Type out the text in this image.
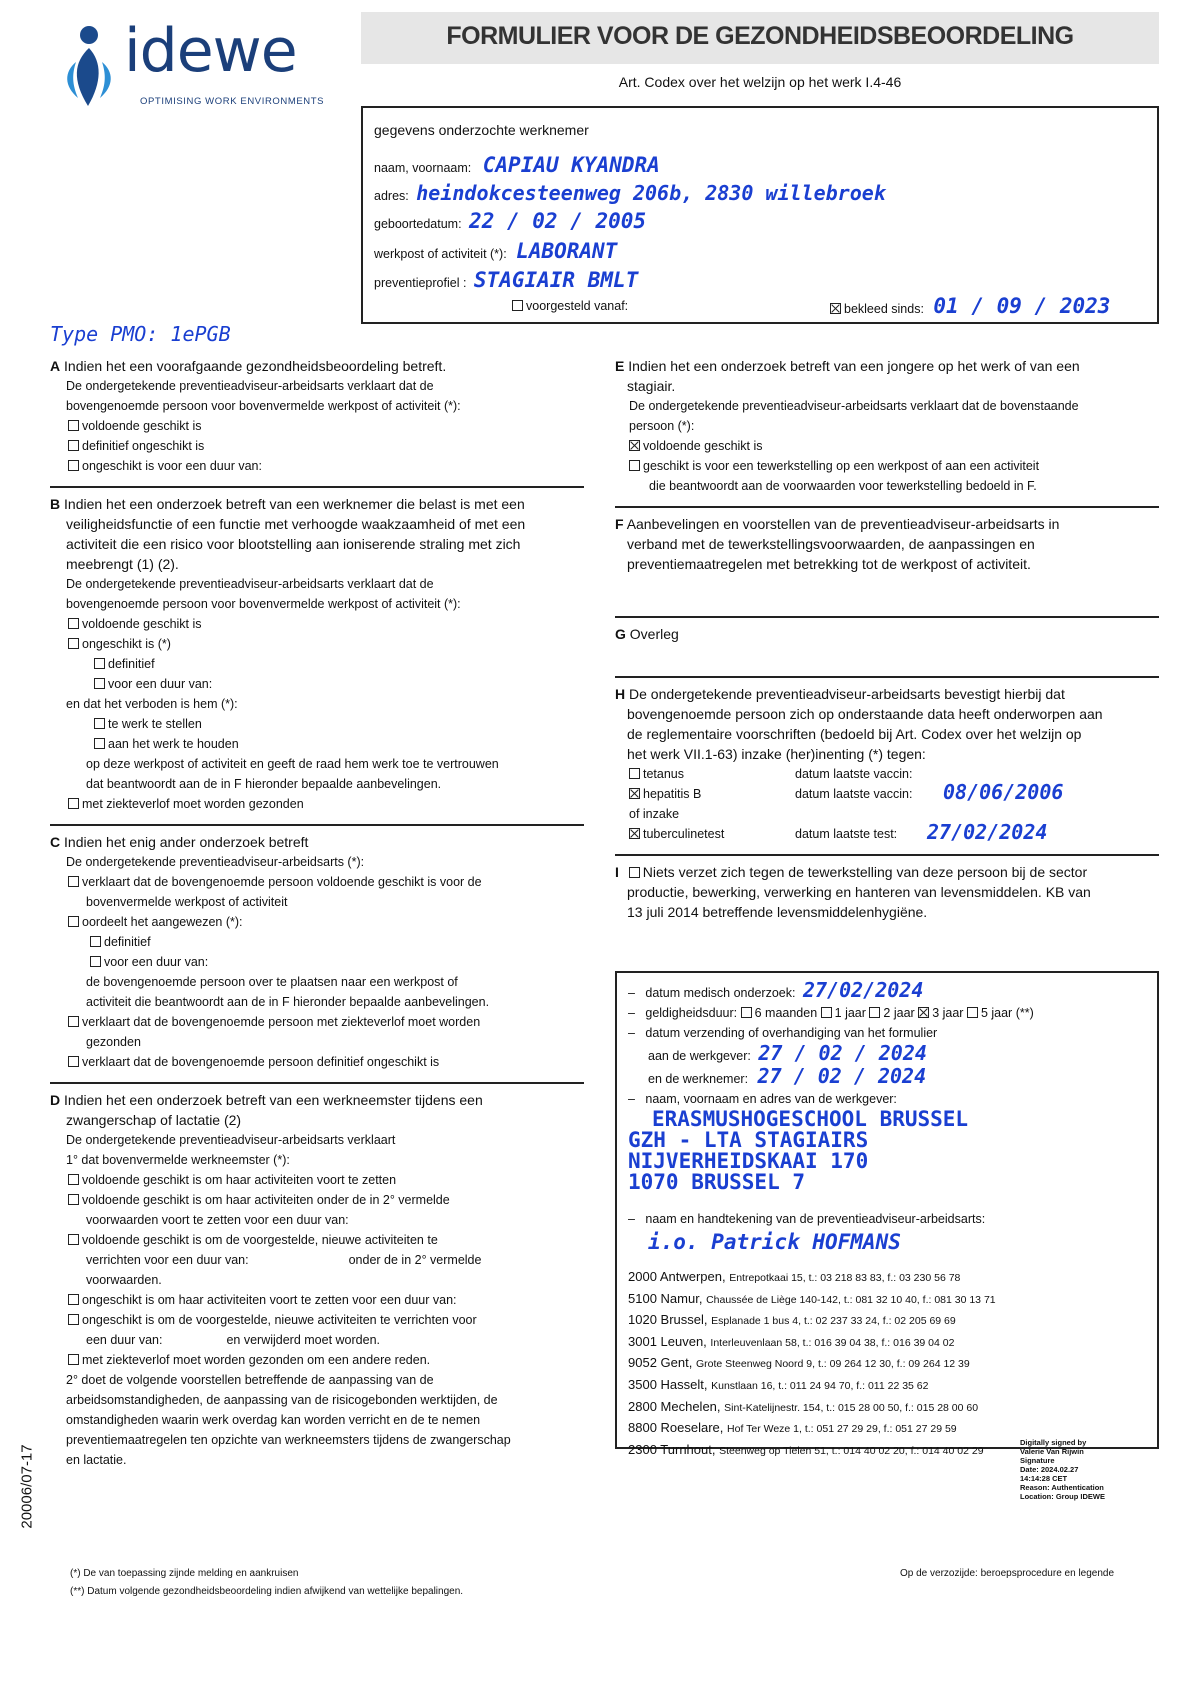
idewe
OPTIMISING WORK ENVIRONMENTS
FORMULIER VOOR DE GEZONDHEIDSBEOORDELING
Art. Codex over het welzijn op het werk I.4-46
gegevens onderzochte werknemer
naam, voornaam: CAPIAU KYANDRA
adres: heindokcesteenweg 206b, 2830 willebroek
geboortedatum: 22 / 02 / 2005
werkpost of activiteit (*): LABORANT
preventieprofiel : STAGIAIR BMLT
voorgesteld vanaf:	bekleed sinds: 01 / 09 / 2023
Type PMO: 1ePGB
A Indien het een voorafgaande gezondheidsbeoordeling betreft.
De ondergetekende preventieadviseur-arbeidsarts verklaart dat de
bovengenoemde persoon voor bovenvermelde werkpost of activiteit (*):
voldoende geschikt is
definitief ongeschikt is
ongeschikt is voor een duur van:
B Indien het een onderzoek betreft van een werknemer die belast is met een
veiligheidsfunctie of een functie met verhoogde waakzaamheid of met een
activiteit die een risico voor blootstelling aan ioniserende straling met zich
meebrengt (1) (2).
De ondergetekende preventieadviseur-arbeidsarts verklaart dat de
bovengenoemde persoon voor bovenvermelde werkpost of activiteit (*):
voldoende geschikt is
ongeschikt is (*)
definitief
voor een duur van:
en dat het verboden is hem (*):
te werk te stellen
aan het werk te houden
op deze werkpost of activiteit en geeft de raad hem werk toe te vertrouwen
dat beantwoordt aan de in F hieronder bepaalde aanbevelingen.
met ziekteverlof moet worden gezonden
C Indien het enig ander onderzoek betreft
De ondergetekende preventieadviseur-arbeidsarts (*):
verklaart dat de bovengenoemde persoon voldoende geschikt is voor de
bovenvermelde werkpost of activiteit
oordeelt het aangewezen (*):
definitief
voor een duur van:
de bovengenoemde persoon over te plaatsen naar een werkpost of
activiteit die beantwoordt aan de in F hieronder bepaalde aanbevelingen.
verklaart dat de bovengenoemde persoon met ziekteverlof moet worden
gezonden
verklaart dat de bovengenoemde persoon definitief ongeschikt is
D Indien het een onderzoek betreft van een werkneemster tijdens een
zwangerschap of lactatie (2)
De ondergetekende preventieadviseur-arbeidsarts verklaart
1° dat bovenvermelde werkneemster (*):
voldoende geschikt is om haar activiteiten voort te zetten
voldoende geschikt is om haar activiteiten onder de in 2° vermelde
voorwaarden voort te zetten voor een duur van:
voldoende geschikt is om de voorgestelde, nieuwe activiteiten te
verrichten voor een duur van:	onder de in 2° vermelde
voorwaarden.
ongeschikt is om haar activiteiten voort te zetten voor een duur van:
ongeschikt is om de voorgestelde, nieuwe activiteiten te verrichten voor
een duur van:	en verwijderd moet worden.
met ziekteverlof moet worden gezonden om een andere reden.
2° doet de volgende voorstellen betreffende de aanpassing van de
arbeidsomstandigheden, de aanpassing van de risicogebonden werktijden, de
omstandigheden waarin werk overdag kan worden verricht en de te nemen
preventiemaatregelen ten opzichte van werkneemsters tijdens de zwangerschap
en lactatie.
E Indien het een onderzoek betreft van een jongere op het werk of van een
stagiair.
De ondergetekende preventieadviseur-arbeidsarts verklaart dat de bovenstaande
persoon (*):
voldoende geschikt is
geschikt is voor een tewerkstelling op een werkpost of aan een activiteit
die beantwoordt aan de voorwaarden voor tewerkstelling bedoeld in F.
F Aanbevelingen en voorstellen van de preventieadviseur-arbeidsarts in
verband met de tewerkstellingsvoorwaarden, de aanpassingen en
preventiemaatregelen met betrekking tot de werkpost of activiteit.
G Overleg
H De ondergetekende preventieadviseur-arbeidsarts bevestigt hierbij dat
bovengenoemde persoon zich op onderstaande data heeft onderworpen aan
de reglementaire voorschriften (bedoeld bij Art. Codex over het welzijn op
het werk VII.1-63) inzake (her)inenting (*) tegen:
tetanus	datum laatste vaccin:
hepatitis B	datum laatste vaccin: 08/06/2006
of inzake
tuberculinetest	datum laatste test: 27/02/2024
I Niets verzet zich tegen de tewerkstelling van deze persoon bij de sector
productie, bewerking, verwerking en hanteren van levensmiddelen. KB van
13 juli 2014 betreffende levensmiddelenhygiëne.
–   datum medisch onderzoek: 27/02/2024
–   geldigheidsduur: 6 maanden 1 jaar 2 jaar 3 jaar 5 jaar (**)
–   datum verzending of overhandiging van het formulier
aan de werkgever: 27 / 02 / 2024
en de werknemer: 27 / 02 / 2024
–   naam, voornaam en adres van de werkgever:
ERASMUSHOGESCHOOL BRUSSEL
GZH - LTA STAGIAIRS
NIJVERHEIDSKAAI 170
1070 BRUSSEL 7
–   naam en handtekening van de preventieadviseur-arbeidsarts:
i.o. Patrick HOFMANS
2000 Antwerpen, Entrepotkaai 15, t.: 03 218 83 83, f.: 03 230 56 78
5100 Namur, Chaussée de Liège 140-142, t.: 081 32 10 40, f.: 081 30 13 71
1020 Brussel, Esplanade 1 bus 4, t.: 02 237 33 24, f.: 02 205 69 69
3001 Leuven, Interleuvenlaan 58, t.: 016 39 04 38, f.: 016 39 04 02
9052 Gent, Grote Steenweg Noord 9, t.: 09 264 12 30, f.: 09 264 12 39
3500 Hasselt, Kunstlaan 16, t.: 011 24 94 70, f.: 011 22 35 62
2800 Mechelen, Sint-Katelijnestr. 154, t.: 015 28 00 50, f.: 015 28 00 60
8800 Roeselare, Hof Ter Weze 1, t.: 051 27 29 29, f.: 051 27 29 59
2300 Turnhout, Steenweg op Tielen 51, t.: 014 40 02 20, f.: 014 40 02 29
Digitally signed by
Valerie Van Rijwin
Signature
Date: 2024.02.27
14:14:28 CET
Reason: Authentication
Location: Group IDEWE
20006/07-17
(*) De van toepassing zijnde melding en aankruisen
(**) Datum volgende gezondheidsbeoordeling indien afwijkend van wettelijke bepalingen.
Op de verzozijde: beroepsprocedure en legende
